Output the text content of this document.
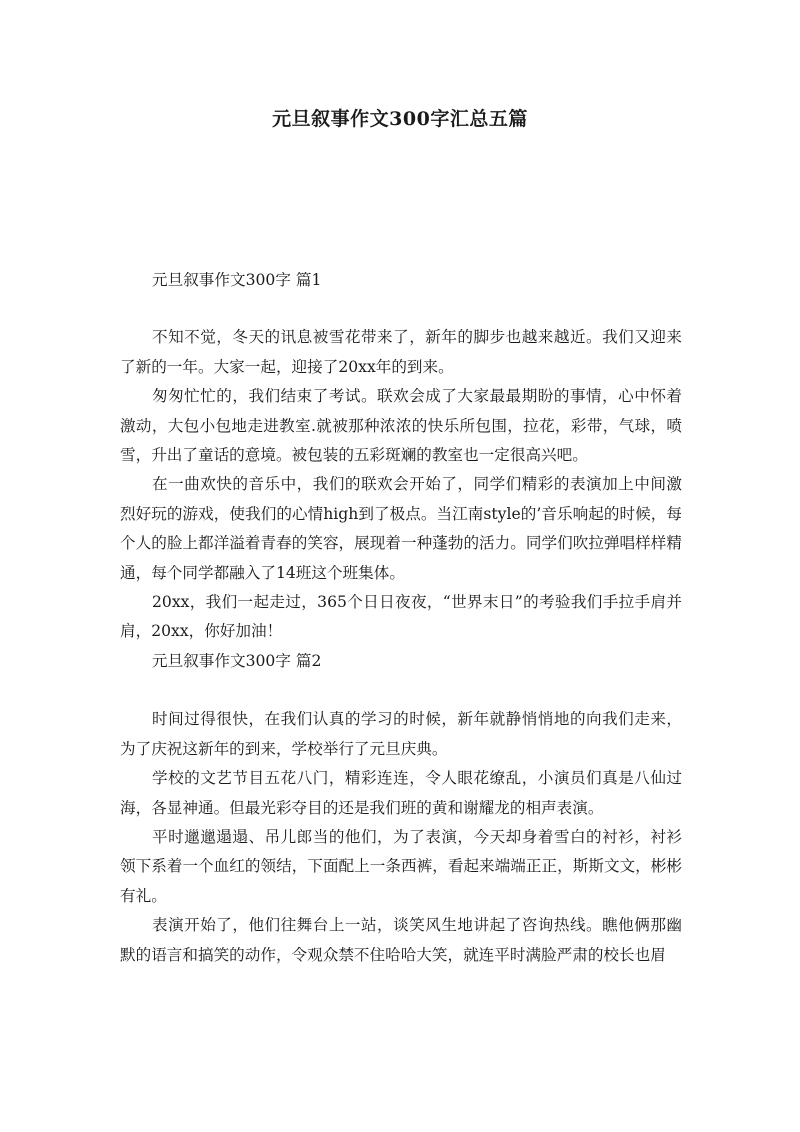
元旦叙事作文300字汇总五篇

元旦叙事作文300字 篇1

不知不觉，冬天的讯息被雪花带来了，新年的脚步也越来越近。我们又迎来了新的一年。大家一起，迎接了20xx年的到来。

匆匆忙忙的，我们结束了考试。联欢会成了大家最最期盼的事情，心中怀着激动，大包小包地走进教室.就被那种浓浓的快乐所包围，拉花，彩带，气球，喷雪，升出了童话的意境。被包装的五彩斑斓的教室也一定很高兴吧。

在一曲欢快的音乐中，我们的联欢会开始了，同学们精彩的表演加上中间激烈好玩的游戏，使我们的心情high到了极点。当江南style的’音乐响起的时候，每个人的脸上都洋溢着青春的笑容，展现着一种蓬勃的活力。同学们吹拉弹唱样样精通，每个同学都融入了14班这个班集体。

20xx，我们一起走过，365个日日夜夜，“世界末日”的考验我们手拉手肩并肩，20xx，你好加油！

元旦叙事作文300字 篇2

时间过得很快，在我们认真的学习的时候，新年就静悄悄地的向我们走来，为了庆祝这新年的到来，学校举行了元旦庆典。

学校的文艺节目五花八门，精彩连连，令人眼花缭乱，小演员们真是八仙过海，各显神通。但最光彩夺目的还是我们班的黄和谢耀龙的相声表演。

平时邋邋遢遢、吊儿郎当的他们，为了表演，今天却身着雪白的衬衫，衬衫领下系着一个血红的领结，下面配上一条西裤，看起来端端正正，斯斯文文，彬彬有礼。

表演开始了，他们往舞台上一站，谈笑风生地讲起了咨询热线。瞧他俩那幽默的语言和搞笑的动作，令观众禁不住哈哈大笑，就连平时满脸严肃的校长也眉
